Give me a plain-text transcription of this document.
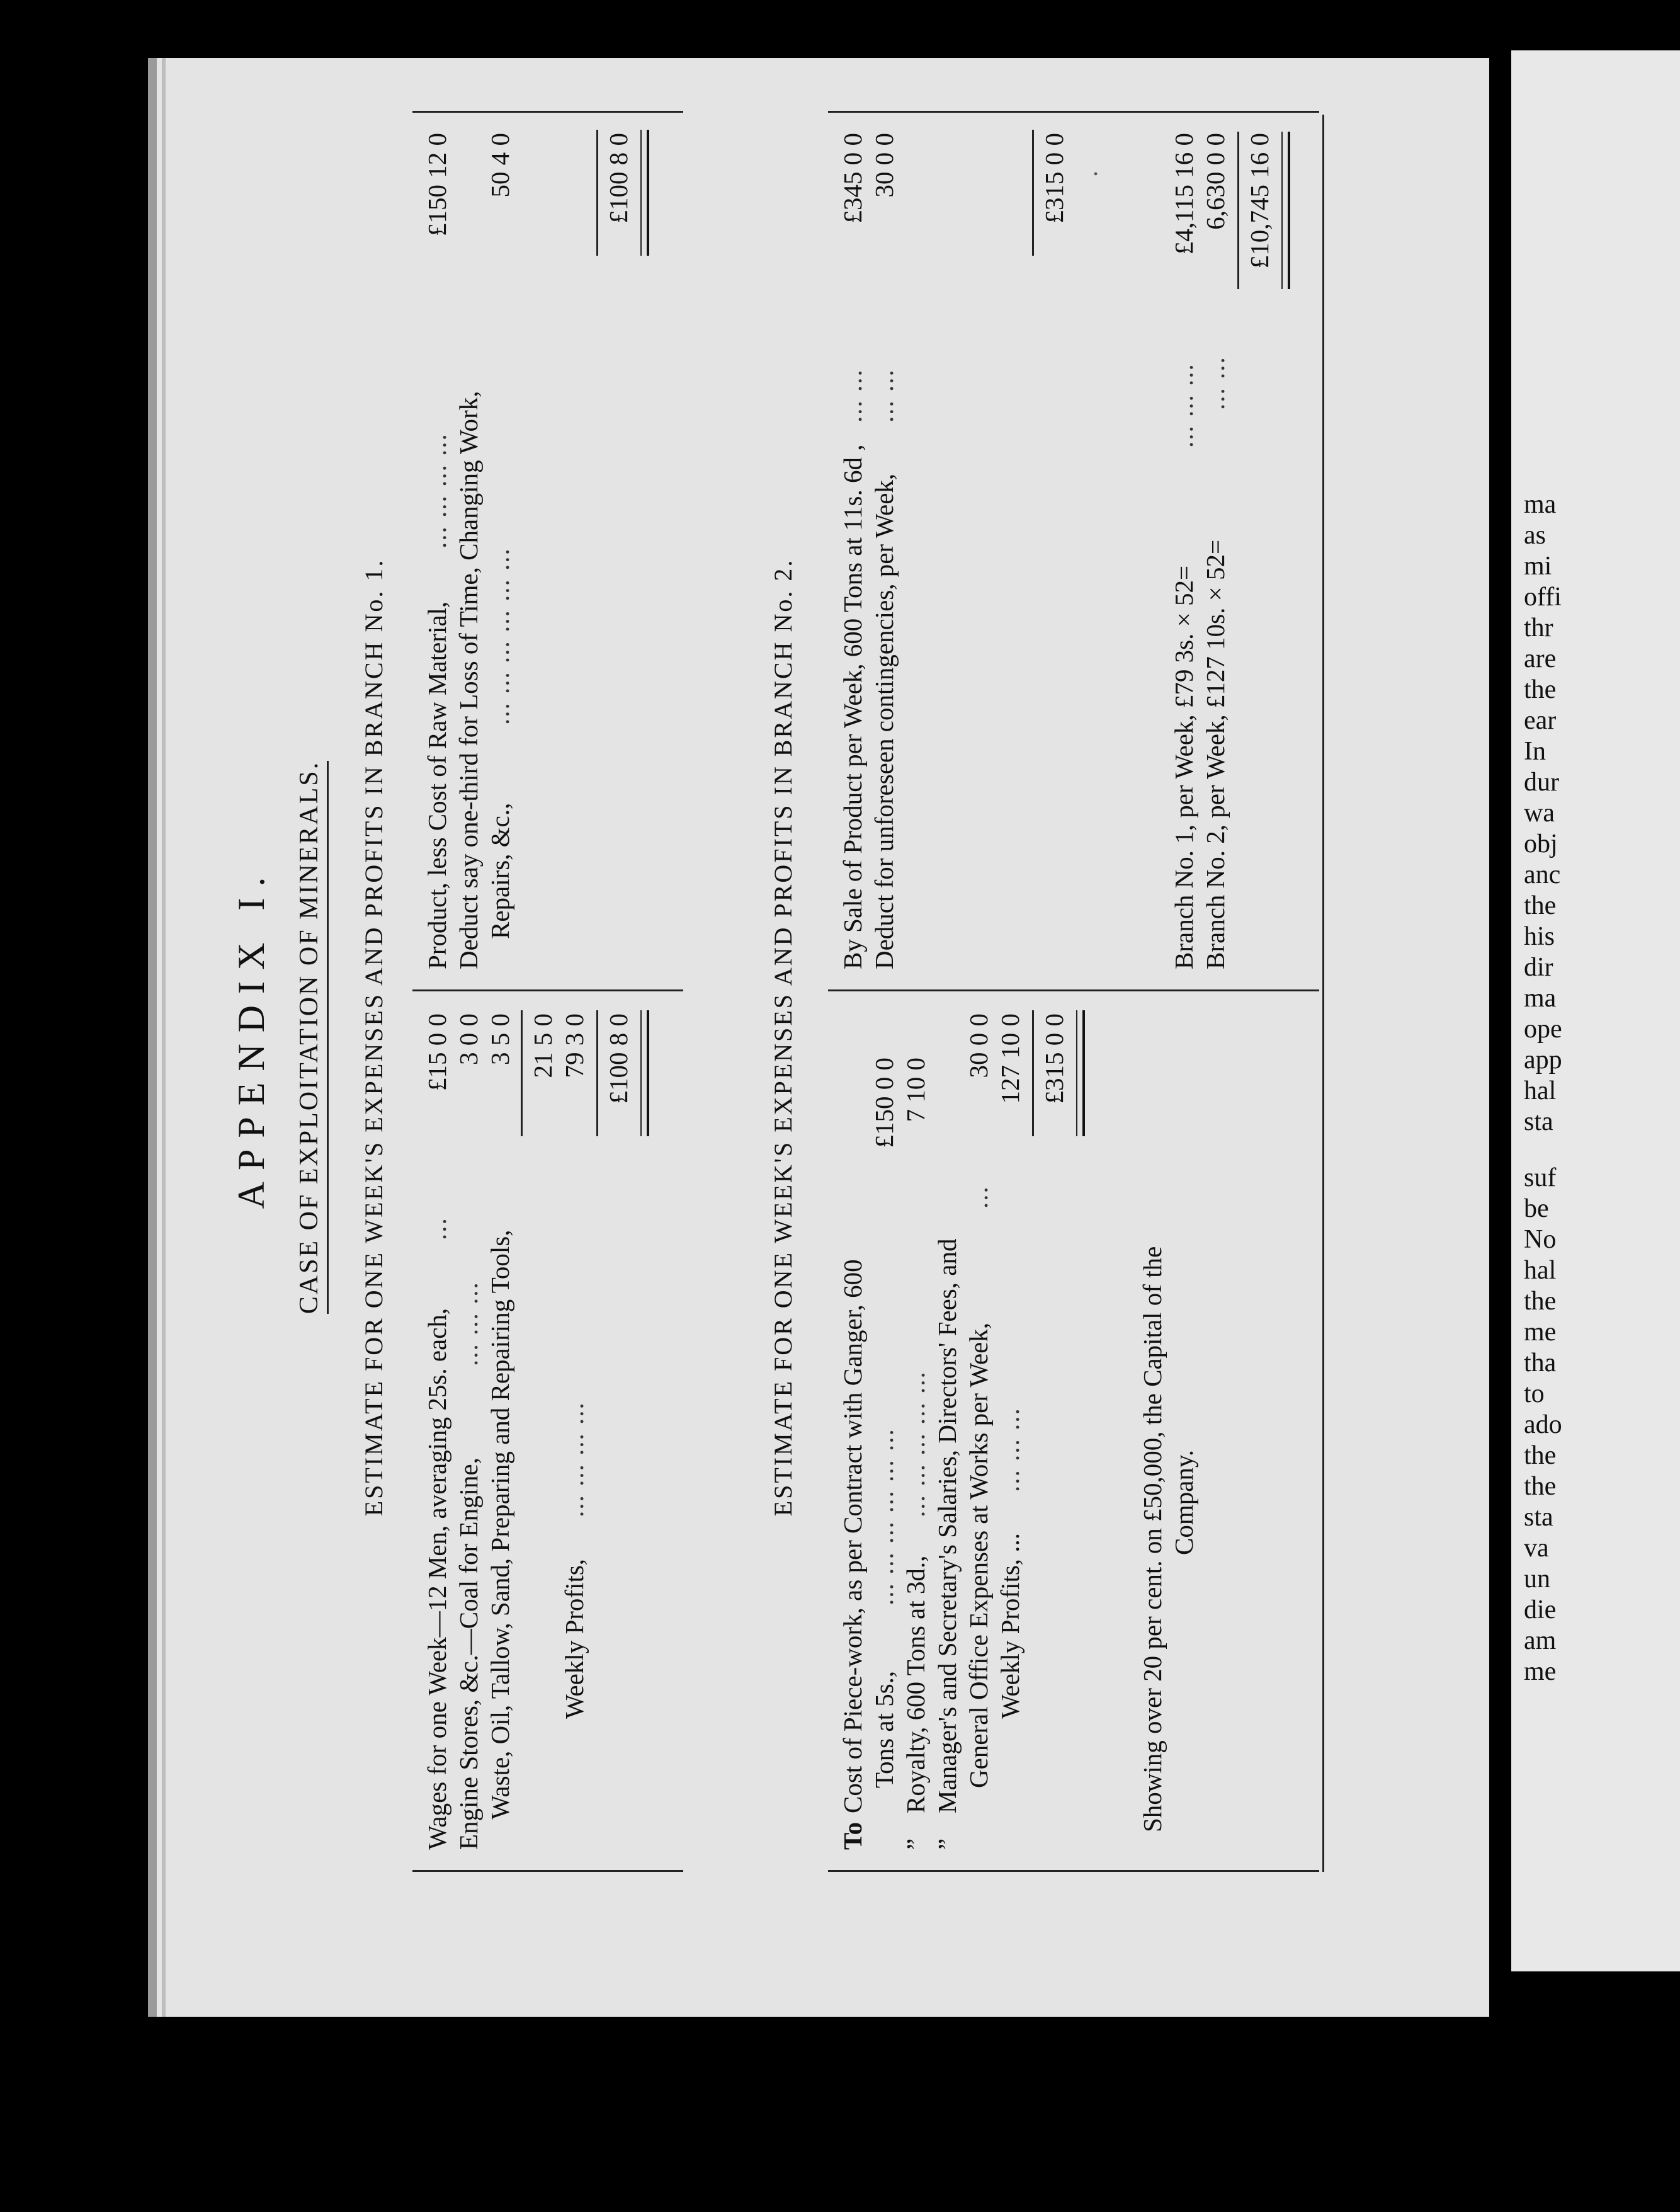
APPENDIX I. CASE OF EXPLOITATION OF MINERALS. ESTIMATE FOR ONE WEEK'S EXPENSES AND PROFITS IN BRANCH No. 1.
Wages for one Week—12 Men, averaging 25s. each,
...
£15 0 0
Engine Stores, &c.—Coal for Engine,
... ... ...
3 0 0
Waste, Oil, Tallow, Sand, Preparing and Repairing Tools,
3 5 0 21 5 0
Weekly Profits,
... ... ... ...
79 3 0 £100 8 0
Product, less Cost of Raw Material,
... ... ... ...
£150 12 0
Deduct say one-third for Loss of Time, Changing Work, Repairs, &c.,
... ... ... ... ... ...
50 4 0	£100 8 0
ESTIMATE FOR ONE WEEK'S EXPENSES AND PROFITS IN BRANCH No. 2.
To
Cost of Piece-work, as per Contract with Ganger, 600 Tons at 5s.,
... ... ... ... ... ...
£150 0 0
”
Royalty, 600 Tons at 3d.,
... ... ... ... ...
7 10 0
”
Manager's and Secretary's Salaries, Directors' Fees, and General Office Expenses at Works per Week,
...
30 0 0
Weekly Profits, ...
... ... ...
127 10 0 £315 0 0
By Sale of Product per Week, 600 Tons at 11s. 6d ,
... ...
£345 0 0
Deduct for unforeseen contingencies, per Week,
... ...
30 0 0	£315 0 0 .
Showing over 20 per cent. on £50,000, the Capital of the Company.
Branch No. 1, per Week, £79 3s. × 52=
... ... ...
£4,115 16 0
Branch No. 2, per Week, £127 10s. × 52=
... ...
6,630 0 0 £10,745 16 0
ma
as
mi
offi
thr
are
the
ear
In
dur
wa
obj
anc
the
his
dir
ma
ope
app
hal
sta
suf
be
No
hal
the
me
tha
to
ado
the
the
sta
va
un
die
am
me
